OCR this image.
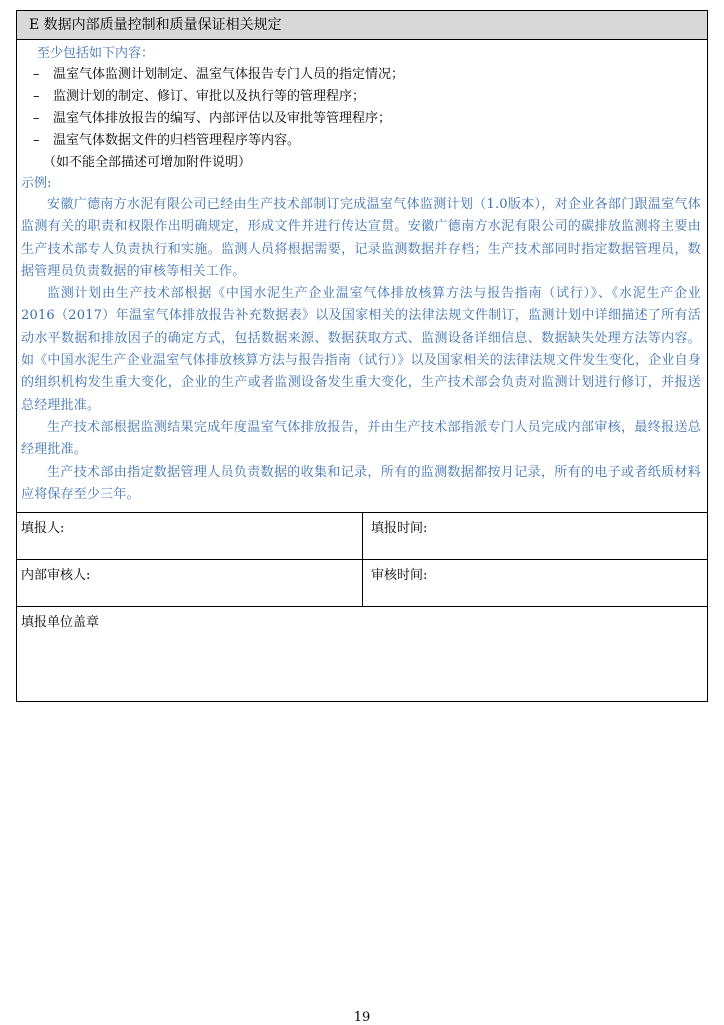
E 数据内部质量控制和质量保证相关规定
至少包括如下内容：
– 温室气体监测计划制定、温室气体报告专门人员的指定情况；
– 监测计划的制定、修订、审批以及执行等的管理程序；
– 温室气体排放报告的编写、内部评估以及审批等管理程序；
– 温室气体数据文件的归档管理程序等内容。
（如不能全部描述可增加附件说明）
示例:

安徽广德南方水泥有限公司已经由生产技术部制订完成温室气体监测计划（1.0版本），对企业各部门跟温室气体监测有关的职责和权限作出明确规定，形成文件并进行传达宣贯。安徽广德南方水泥有限公司的碳排放监测将主要由生产技术部专人负责执行和实施。监测人员将根据需要，记录监测数据并存档；生产技术部同时指定数据管理员，数据管理员负责数据的审核等相关工作。

监测计划由生产技术部根据《中国水泥生产企业温室气体排放核算方法与报告指南（试行）》、《水泥生产企业2016（2017）年温室气体排放报告补充数据表》以及国家相关的法律法规文件制订，监测计划中详细描述了所有活动水平数据和排放因子的确定方式，包括数据来源、数据获取方式、监测设备详细信息、数据缺失处理方法等内容。如《中国水泥生产企业温室气体排放核算方法与报告指南（试行）》以及国家相关的法律法规文件发生变化，企业自身的组织机构发生重大变化，企业的生产或者监测设备发生重大变化，生产技术部会负责对监测计划进行修订，并报送总经理批准。

生产技术部根据监测结果完成年度温室气体排放报告，并由生产技术部指派专门人员完成内部审核，最终报送总经理批准。

生产技术部由指定数据管理人员负责数据的收集和记录，所有的监测数据都按月记录，所有的电子或者纸质材料应将保存至少三年。

填报人:	填报时间:
内部审核人:	审核时间:
填报单位盖章
19
